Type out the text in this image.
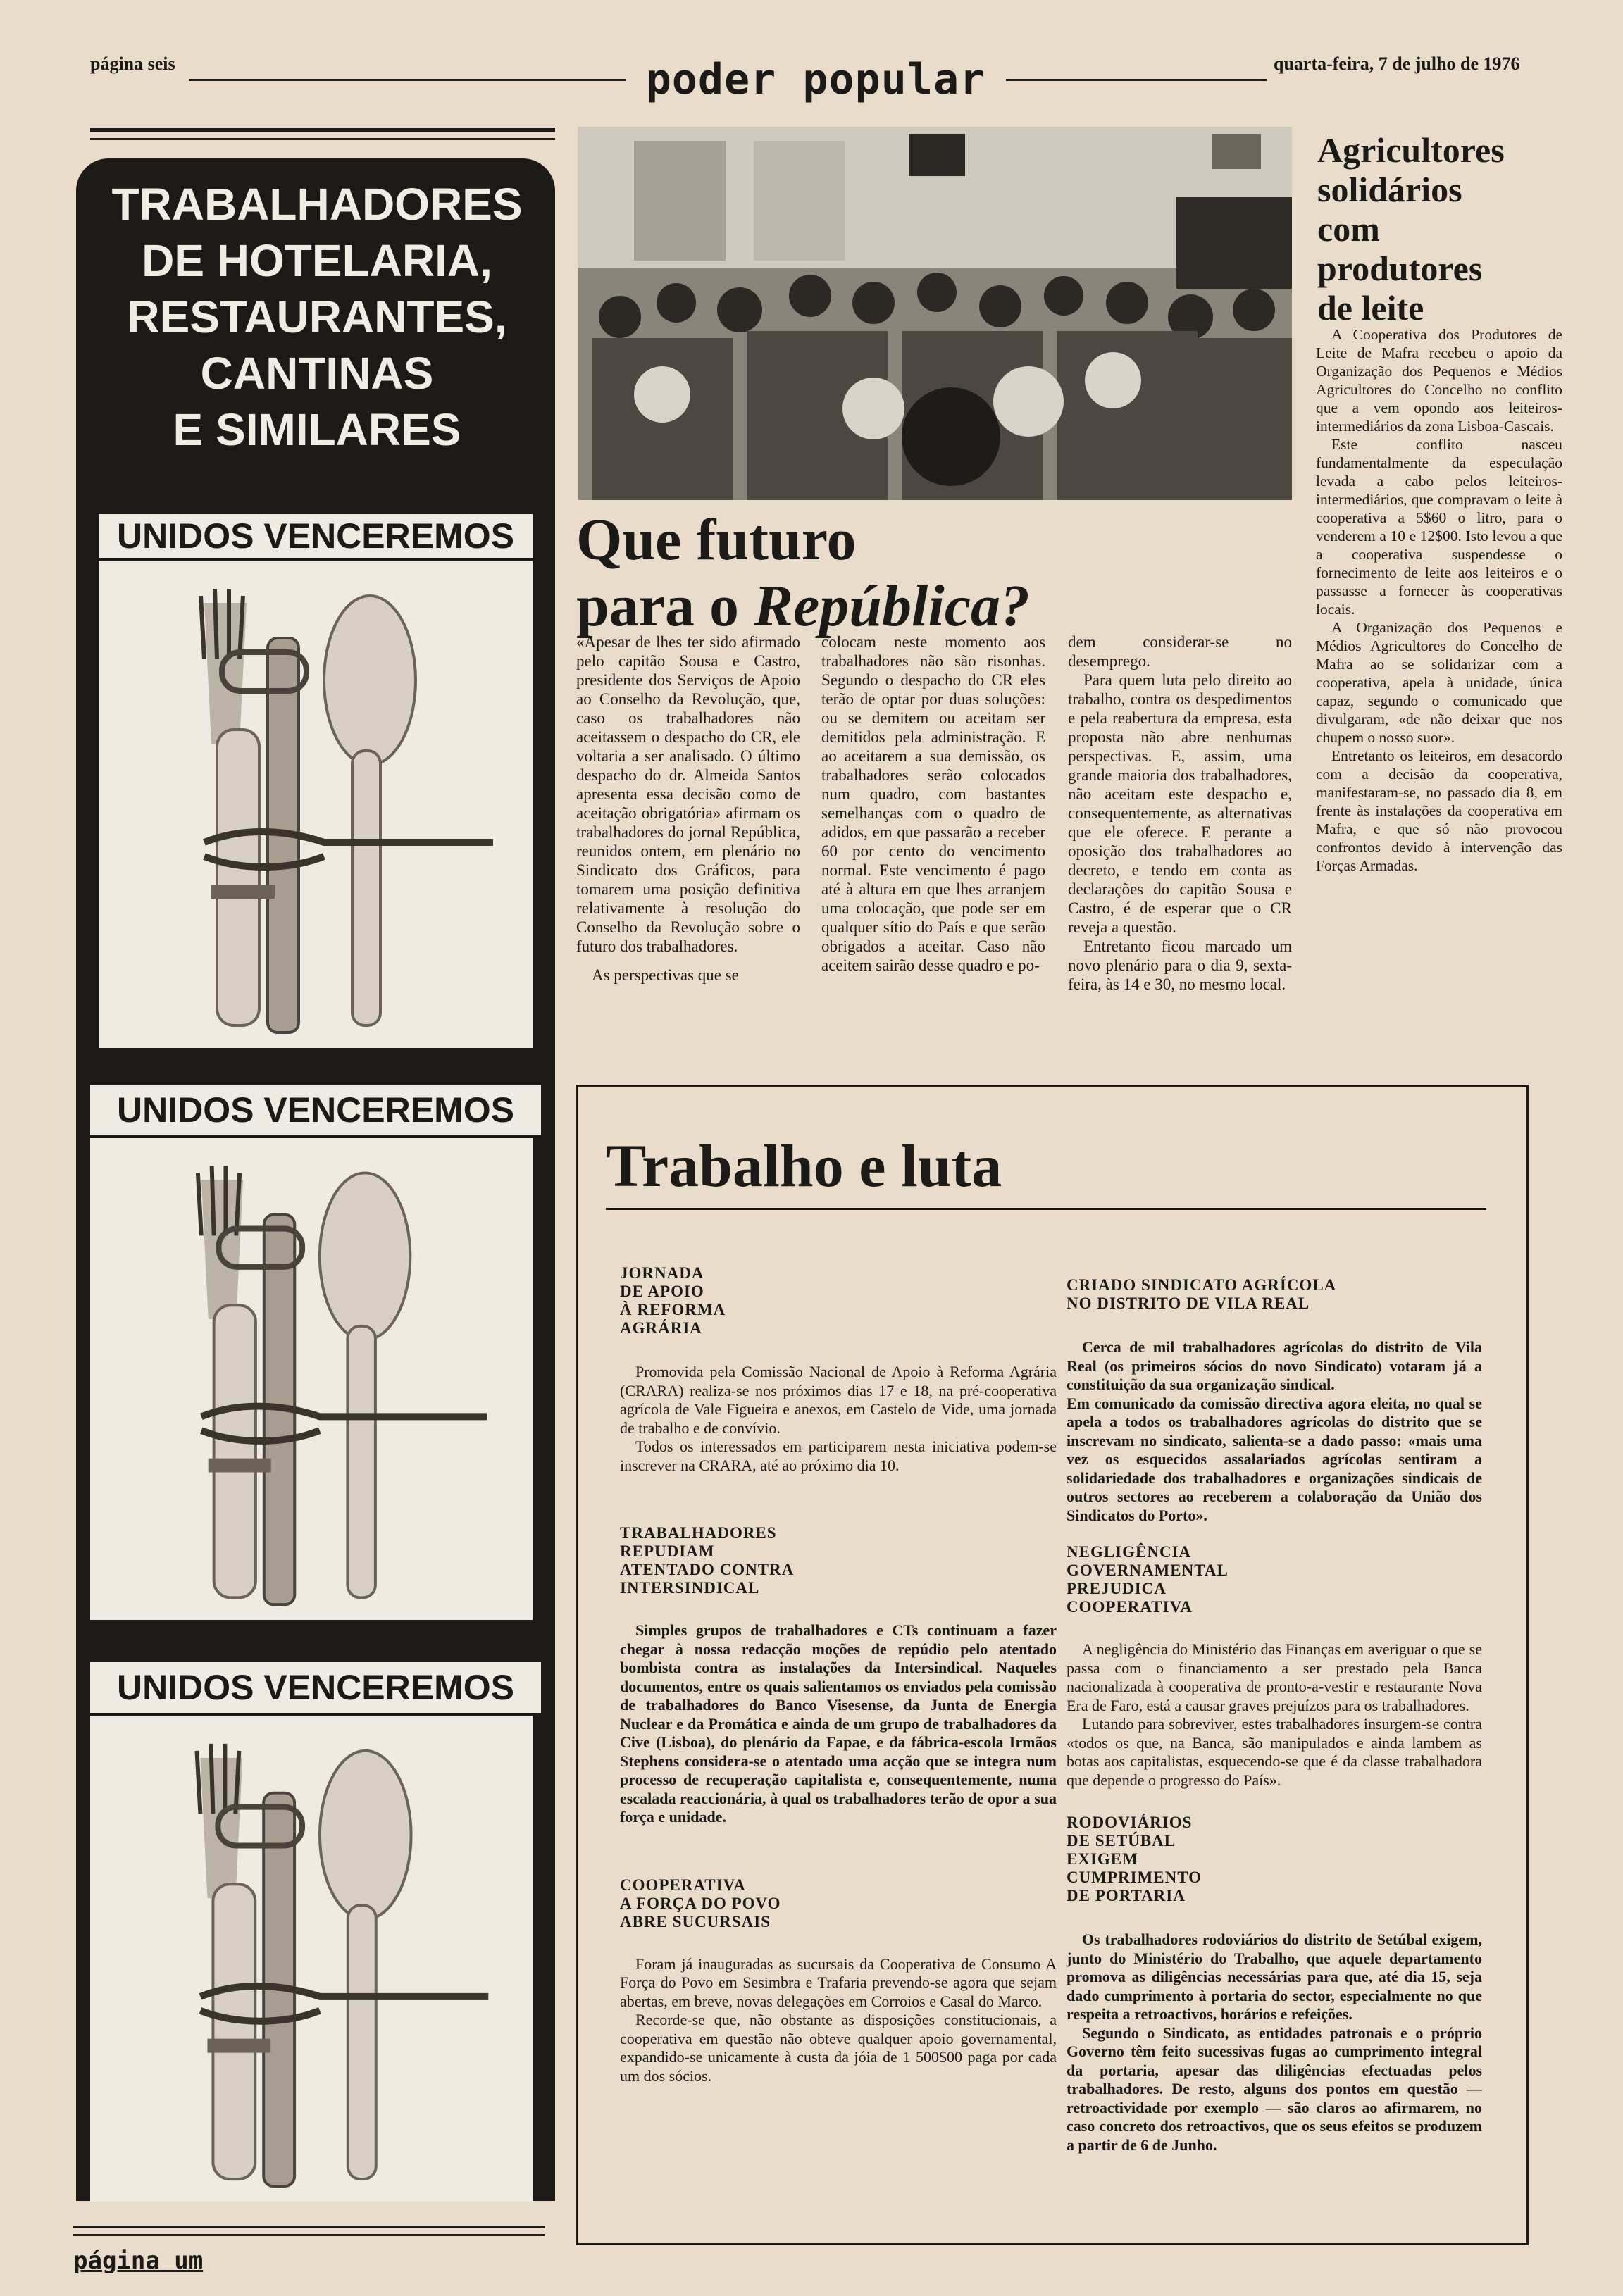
página seis	poder popular	quarta-feira, 7 de julho de 1976
TRABALHADORES
DE HOTELARIA,
RESTAURANTES,
CANTINAS
E SIMILARES
UNIDOS VENCEREMOS
UNIDOS VENCEREMOS
UNIDOS VENCEREMOS
Que futuro
para o República?

«Apesar de lhes ter sido afirmado pelo capitão Sousa e Castro, presidente dos Serviços de Apoio ao Conselho da Revolução, que, caso os trabalhadores não aceitassem o despacho do CR, ele voltaria a ser analisado. O último despacho do dr. Almeida Santos apresenta essa decisão como de aceitação obrigatória» afirmam os trabalhadores do jornal República, reunidos ontem, em plenário no Sindicato dos Gráficos, para tomarem uma posição definitiva relativamente à resolução do Conselho da Revolução sobre o futuro dos trabalhadores.

As perspectivas que se

colocam neste momento aos trabalhadores não são risonhas. Segundo o despacho do CR eles terão de optar por duas soluções: ou se demitem ou aceitam ser demitidos pela administração. E ao aceitarem a sua demissão, os trabalhadores serão colocados num quadro, com bastantes semelhanças com o quadro de adidos, em que passarão a receber 60 por cento do vencimento normal. Este vencimento é pago até à altura em que lhes arranjem uma colocação, que pode ser em qualquer sítio do País e que serão obrigados a aceitar. Caso não aceitem sairão desse quadro e po-

dem considerar-se no desemprego.

Para quem luta pelo direito ao trabalho, contra os despedimentos e pela reabertura da empresa, esta proposta não abre nenhumas perspectivas. E, assim, uma grande maioria dos trabalhadores, não aceitam este despacho e, consequentemente, as alternativas que ele oferece. E perante a oposição dos trabalhadores ao decreto, e tendo em conta as declarações do capitão Sousa e Castro, é de esperar que o CR reveja a questão.

Entretanto ficou marcado um novo plenário para o dia 9, sexta-feira, às 14 e 30, no mesmo local.

Agricultores
solidários
com
produtores
de leite

A Cooperativa dos Produtores de Leite de Mafra recebeu o apoio da Organização dos Pequenos e Médios Agricultores do Concelho no conflito que a vem opondo aos leiteiros-intermediários da zona Lisboa-Cascais.

Este conflito nasceu fundamentalmente da especulação levada a cabo pelos leiteiros-intermediários, que compravam o leite à cooperativa a 5$60 o litro, para o venderem a 10 e 12$00. Isto levou a que a cooperativa suspendesse o fornecimento de leite aos leiteiros e o passasse a fornecer às cooperativas locais.

A Organização dos Pequenos e Médios Agricultores do Concelho de Mafra ao se solidarizar com a cooperativa, apela à unidade, única capaz, segundo o comunicado que divulgaram, «de não deixar que nos chupem o nosso suor».

Entretanto os leiteiros, em desacordo com a decisão da cooperativa, manifestaram-se, no passado dia 8, em frente às instalações da cooperativa em Mafra, e que só não provocou confrontos devido à intervenção das Forças Armadas.

Trabalho e luta
JORNADA
DE APOIO
À REFORMA
AGRÁRIA

Promovida pela Comissão Nacional de Apoio à Reforma Agrária (CRARA) realiza-se nos próximos dias 17 e 18, na pré-cooperativa agrícola de Vale Figueira e anexos, em Castelo de Vide, uma jornada de trabalho e de convívio.

Todos os interessados em participarem nesta iniciativa podem-se inscrever na CRARA, até ao próximo dia 10.

TRABALHADORES
REPUDIAM
ATENTADO CONTRA
INTERSINDICAL

Simples grupos de trabalhadores e CTs continuam a fazer chegar à nossa redacção moções de repúdio pelo atentado bombista contra as instalações da Intersindical. Naqueles documentos, entre os quais salientamos os enviados pela comissão de trabalhadores do Banco Visesense, da Junta de Energia Nuclear e da Promática e ainda de um grupo de trabalhadores da Cive (Lisboa), do plenário da Fapae, e da fábrica-escola Irmãos Stephens considera-se o atentado uma acção que se integra num processo de recuperação capitalista e, consequentemente, numa escalada reaccionária, à qual os trabalhadores terão de opor a sua força e unidade.

COOPERATIVA
A FORÇA DO POVO
ABRE SUCURSAIS

Foram já inauguradas as sucursais da Cooperativa de Consumo A Força do Povo em Sesimbra e Trafaria prevendo-se agora que sejam abertas, em breve, novas delegações em Corroios e Casal do Marco.

Recorde-se que, não obstante as disposições constitucionais, a cooperativa em questão não obteve qualquer apoio governamental, expandido-se unicamente à custa da jóia de 1 500$00 paga por cada um dos sócios.

CRIADO SINDICATO AGRÍCOLA
NO DISTRITO DE VILA REAL

Cerca de mil trabalhadores agrícolas do distrito de Vila Real (os primeiros sócios do novo Sindicato) votaram já a constituição da sua organização sindical.

Em comunicado da comissão directiva agora eleita, no qual se apela a todos os trabalhadores agrícolas do distrito que se inscrevam no sindicato, salienta-se a dado passo: «mais uma vez os esquecidos assalariados agrícolas sentiram a solidariedade dos trabalhadores e organizações sindicais de outros sectores ao receberem a colaboração da União dos Sindicatos do Porto».

NEGLIGÊNCIA
GOVERNAMENTAL
PREJUDICA
COOPERATIVA

A negligência do Ministério das Finanças em averiguar o que se passa com o financiamento a ser prestado pela Banca nacionalizada à cooperativa de pronto-a-vestir e restaurante Nova Era de Faro, está a causar graves prejuízos para os trabalhadores.

Lutando para sobreviver, estes trabalhadores insurgem-se contra «todos os que, na Banca, são manipulados e ainda lambem as botas aos capitalistas, esquecendo-se que é da classe trabalhadora que depende o progresso do País».

RODOVIÁRIOS
DE SETÚBAL
EXIGEM
CUMPRIMENTO
DE PORTARIA

Os trabalhadores rodoviários do distrito de Setúbal exigem, junto do Ministério do Trabalho, que aquele departamento promova as diligências necessárias para que, até dia 15, seja dado cumprimento à portaria do sector, especialmente no que respeita a retroactivos, horários e refeições.

Segundo o Sindicato, as entidades patronais e o próprio Governo têm feito sucessivas fugas ao cumprimento integral da portaria, apesar das diligências efectuadas pelos trabalhadores. De resto, alguns dos pontos em questão — retroactividade por exemplo — são claros ao afirmarem, no caso concreto dos retroactivos, que os seus efeitos se produzem a partir de 6 de Junho.

página um
